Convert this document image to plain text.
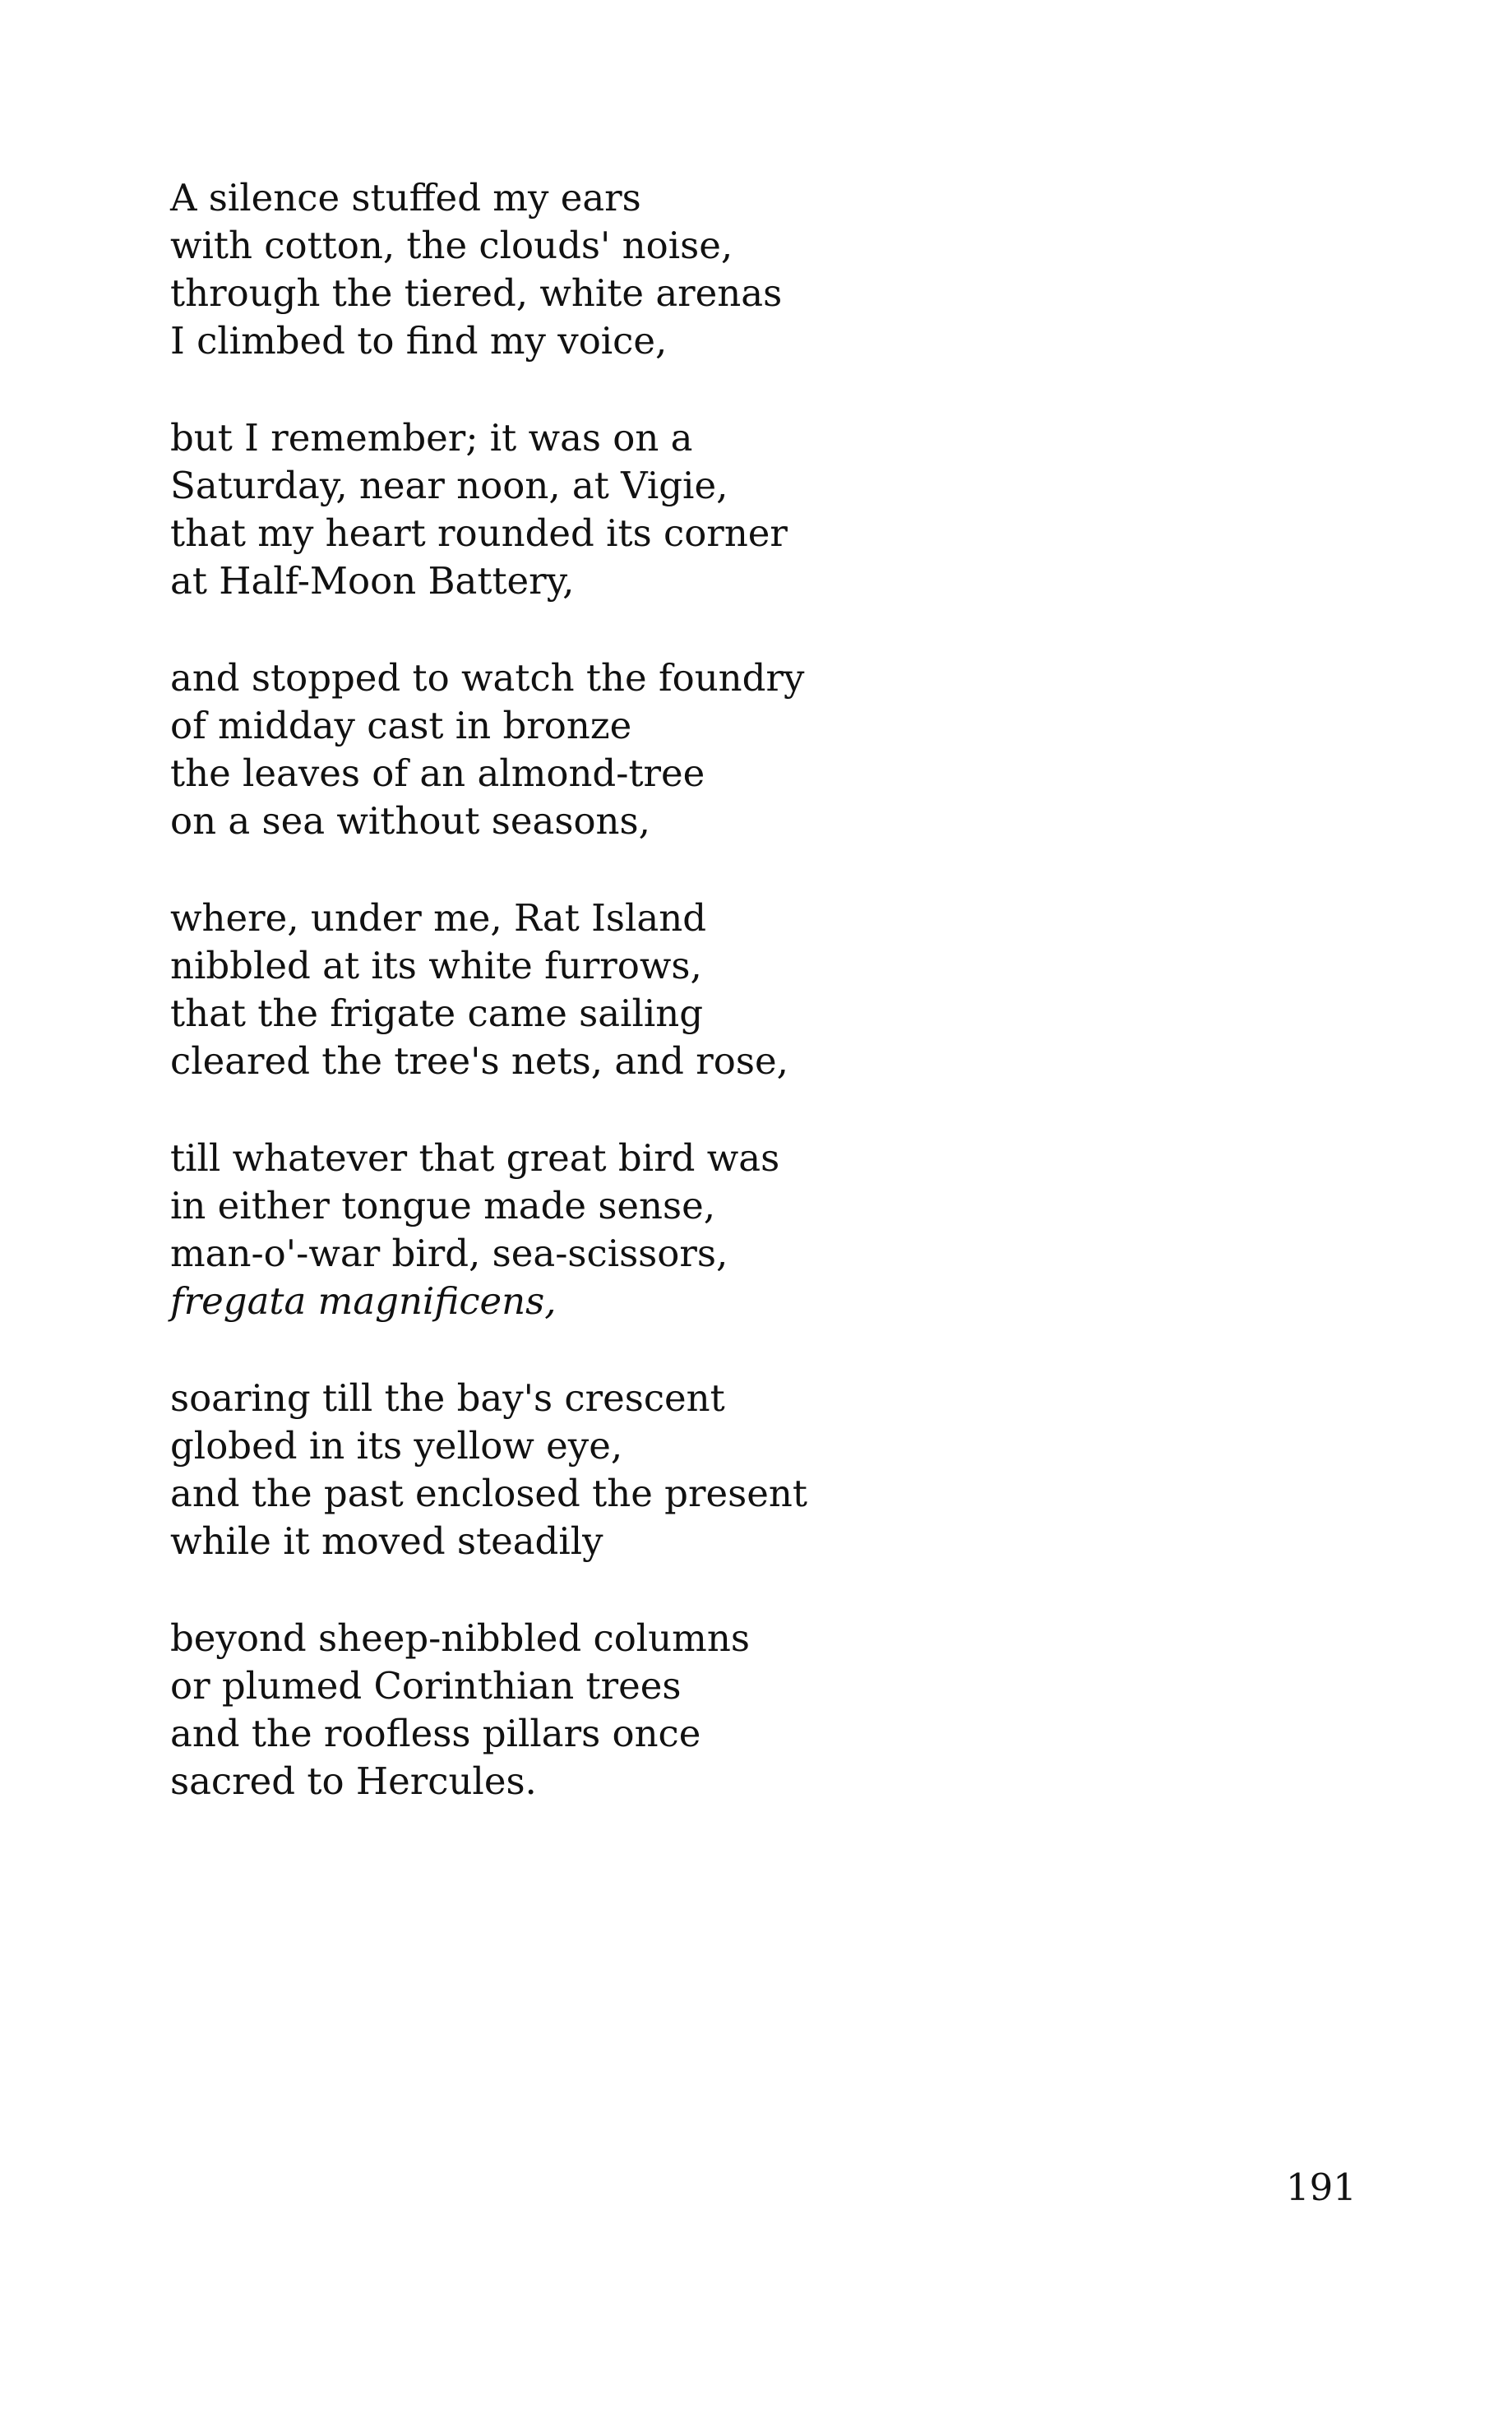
A silence stuffed my ears
with cotton, the clouds' noise,
through the tiered, white arenas
I climbed to find my voice,
but I remember; it was on a
Saturday, near noon, at Vigie,
that my heart rounded its corner
at Half-Moon Battery,
and stopped to watch the foundry
of midday cast in bronze
the leaves of an almond-tree
on a sea without seasons,
where, under me, Rat Island
nibbled at its white furrows,
that the frigate came sailing
cleared the tree's nets, and rose,
till whatever that great bird was
in either tongue made sense,
man-o'-war bird, sea-scissors,
fregata magnificens,
soaring till the bay's crescent
globed in its yellow eye,
and the past enclosed the present
while it moved steadily
beyond sheep-nibbled columns
or plumed Corinthian trees
and the roofless pillars once
sacred to Hercules.
191
